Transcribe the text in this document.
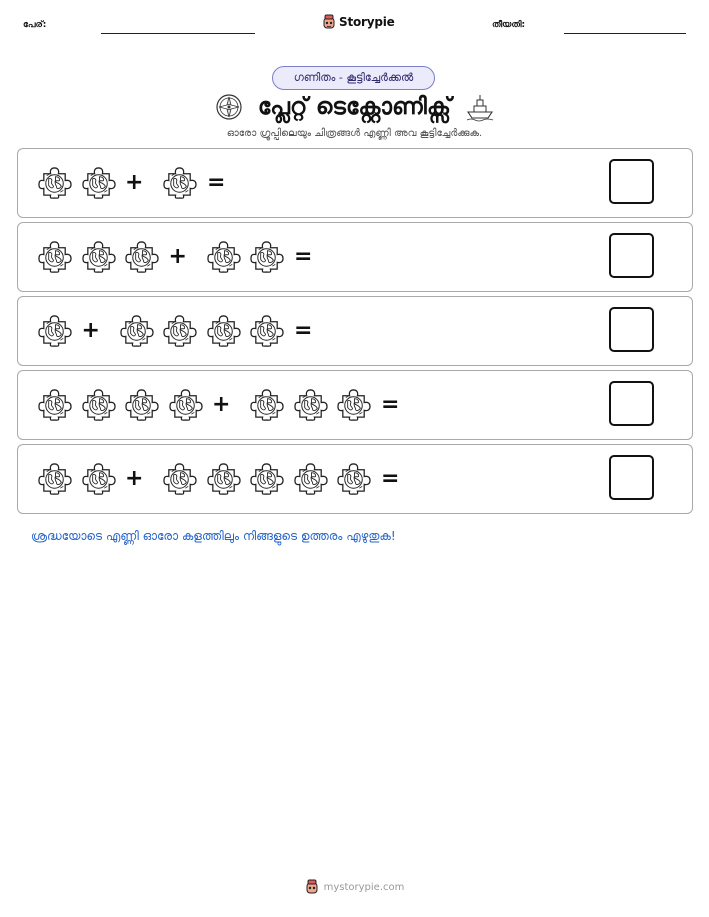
പേര്:	Storypie	തീയതി:
ഗണിതം - കൂട്ടിച്ചേർക്കൽ
പ്ലേറ്റ് ടെക്റ്റോണിക്സ്
ഓരോ ഗ്രൂപ്പിലെയും ചിത്രങ്ങൾ എണ്ണി അവ കൂട്ടിച്ചേർക്കുക.
+	=
+	=
+	=
+	=
+	=
ശ്രദ്ധയോടെ എണ്ണി ഓരോ കളത്തിലും നിങ്ങളുടെ ഉത്തരം എഴുതുക!
mystorypie.com
